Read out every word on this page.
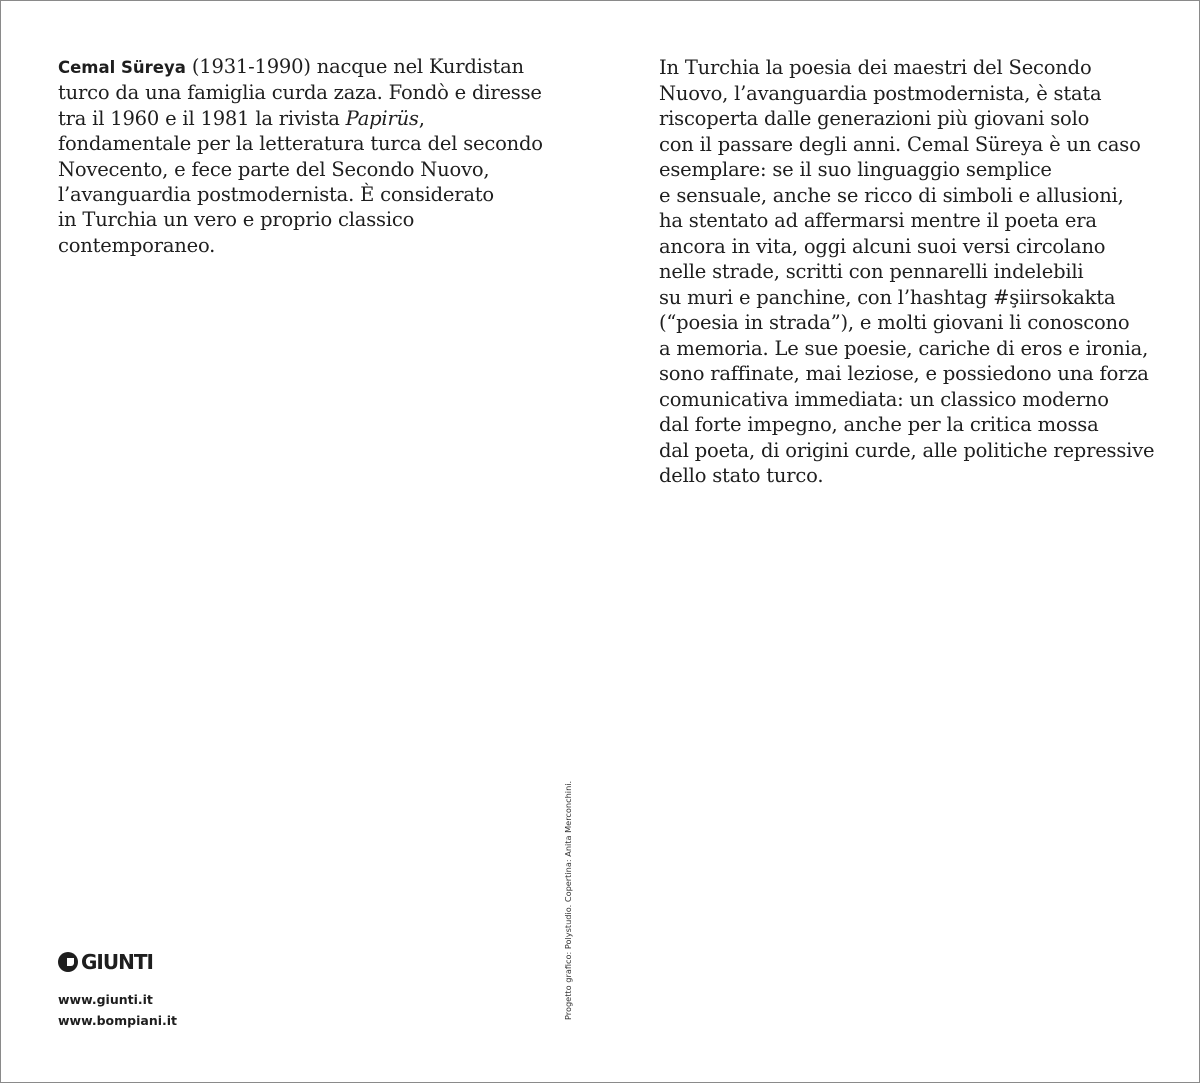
Cemal Süreya (1931-1990) nacque nel Kurdistan
turco da una famiglia curda zaza. Fondò e diresse
tra il 1960 e il 1981 la rivista Papirüs,
fondamentale per la letteratura turca del secondo
Novecento, e fece parte del Secondo Nuovo,
l’avanguardia postmodernista. È considerato
in Turchia un vero e proprio classico
contemporaneo.

In Turchia la poesia dei maestri del Secondo
Nuovo, l’avanguardia postmodernista, è stata
riscoperta dalle generazioni più giovani solo
con il passare degli anni. Cemal Süreya è un caso
esemplare: se il suo linguaggio semplice
e sensuale, anche se ricco di simboli e allusioni,
ha stentato ad affermarsi mentre il poeta era
ancora in vita, oggi alcuni suoi versi circolano
nelle strade, scritti con pennarelli indelebili
su muri e panchine, con l’hashtag #şiirsokakta
(“poesia in strada”), e molti giovani li conoscono
a memoria. Le sue poesie, cariche di eros e ironia,
sono raffinate, mai leziose, e possiedono una forza
comunicativa immediata: un classico moderno
dal forte impegno, anche per la critica mossa
dal poeta, di origini curde, alle politiche repressive
dello stato turco.

Progetto grafico: Polystudio. Copertina: Anita Merconchini.
GIUNTI
www.giunti.it
www.bompiani.it
